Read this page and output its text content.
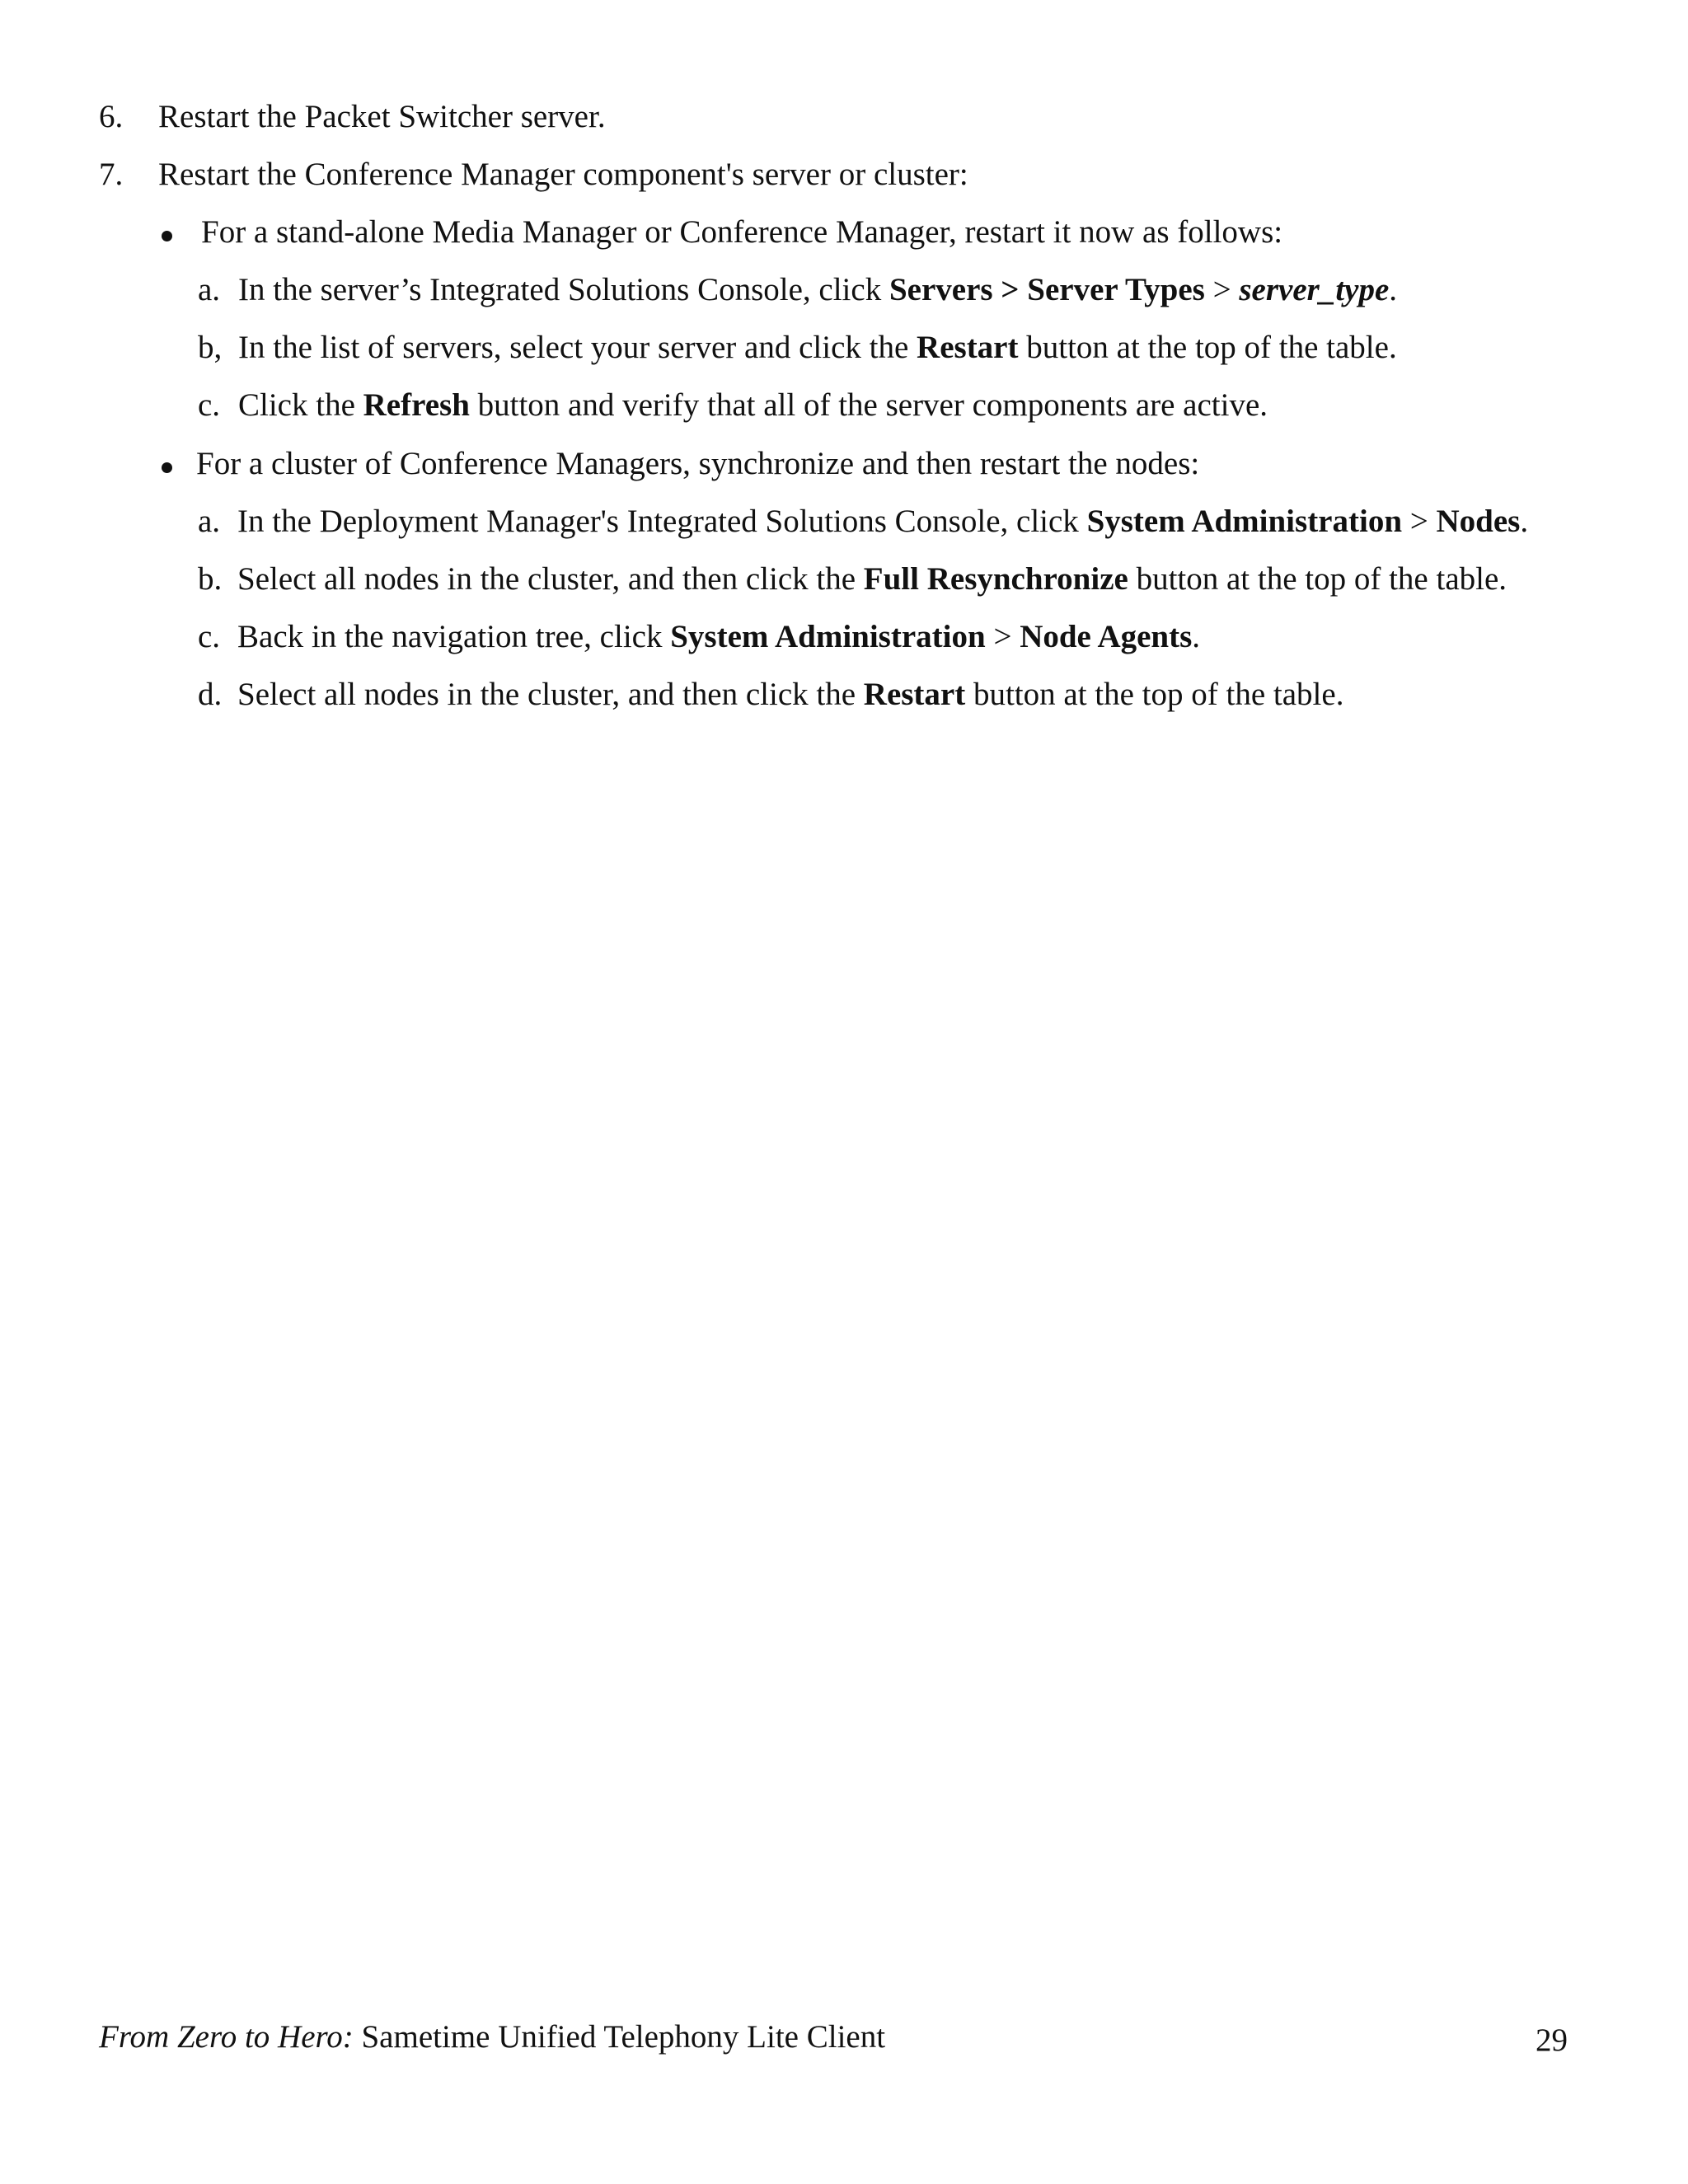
6. Restart the Packet Switcher server.
7. Restart the Conference Manager component's server or cluster:
For a stand-alone Media Manager or Conference Manager, restart it now as follows:
a. In the server’s Integrated Solutions Console, click Servers > Server Types > server_type.
b, In the list of servers, select your server and click the Restart button at the top of the table.
c. Click the Refresh button and verify that all of the server components are active.
For a cluster of Conference Managers, synchronize and then restart the nodes:
a. In the Deployment Manager's Integrated Solutions Console, click System Administration > Nodes.
b. Select all nodes in the cluster, and then click the Full Resynchronize button at the top of the table.
c. Back in the navigation tree, click System Administration > Node Agents.
d. Select all nodes in the cluster, and then click the Restart button at the top of the table.
From Zero to Hero: Sametime Unified Telephony Lite Client	29
